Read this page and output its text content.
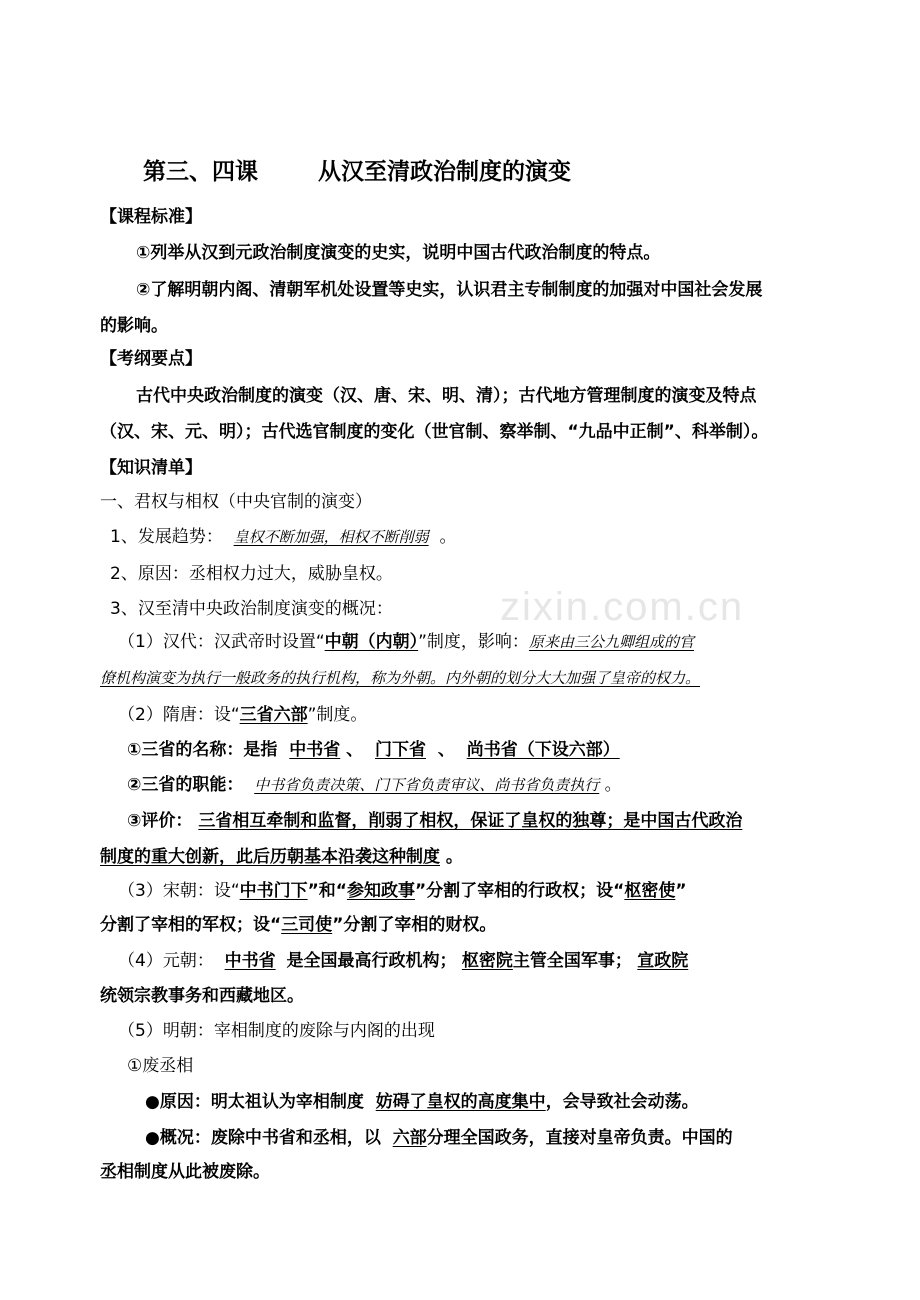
zixin.com.cn
第三、四课	从汉至清政治制度的演变
【课程标准】
①列举从汉到元政治制度演变的史实，说明中国古代政治制度的特点。
②了解明朝内阁、清朝军机处设置等史实，认识君主专制制度的加强对中国社会发展
的影响。
【考纲要点】
古代中央政治制度的演变（汉、唐、宋、明、清）；古代地方管理制度的演变及特点
（汉、宋、元、明）；古代选官制度的变化（世官制、察举制、“九品中正制”、科举制）。
【知识清单】
一、君权与相权（中央官制的演变）
1、发展趋势： 皇权不断加强，相权不断削弱 。
2、原因：丞相权力过大，威胁皇权。
3、汉至清中央政治制度演变的概况：
（1）汉代：汉武帝时设置“中朝（内朝）”制度，影响：原来由三公九卿组成的官
僚机构演变为执行一般政务的执行机构，称为外朝。内外朝的划分大大加强了皇帝的权力。
（2）隋唐：设“三省六部”制度。
①三省的名称：是指 中书省 、 门下省 、 尚书省（下设六部）
②三省的职能： 中书省负责决策、门下省负责审议、尚书省负责执行 。
③评价： 三省相互牵制和监督，削弱了相权，保证了皇权的独尊；是中国古代政治
制度的重大创新，此后历朝基本沿袭这种制度 。
（3）宋朝：设“中书门下”和“参知政事”分割了宰相的行政权；设“枢密使”
分割了宰相的军权；设“三司使”分割了宰相的财权。
（4）元朝： 中书省 是全国最高行政机构； 枢密院主管全国军事； 宣政院
统领宗教事务和西藏地区。
（5）明朝：宰相制度的废除与内阁的出现
①废丞相
●原因：明太祖认为宰相制度 妨碍了皇权的高度集中，会导致社会动荡。
●概况：废除中书省和丞相，以 六部分理全国政务，直接对皇帝负责。中国的
丞相制度从此被废除。
